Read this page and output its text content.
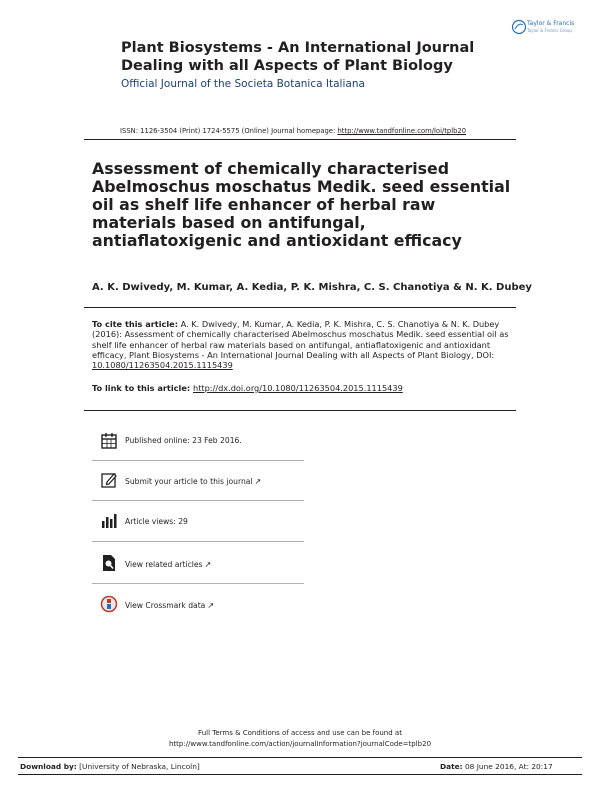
Taylor & Francis
Taylor & Francis Group
Plant Biosystems - An International Journal Dealing with all Aspects of Plant Biology
Official Journal of the Societa Botanica Italiana
ISSN: 1126-3504 (Print) 1724-5575 (Online) Journal homepage: http://www.tandfonline.com/loi/tplb20
Assessment of chemically characterised Abelmoschus moschatus Medik. seed essential oil as shelf life enhancer of herbal raw materials based on antifungal, antiaflatoxigenic and antioxidant efficacy
A. K. Dwivedy, M. Kumar, A. Kedia, P. K. Mishra, C. S. Chanotiya & N. K. Dubey
To cite this article: A. K. Dwivedy, M. Kumar, A. Kedia, P. K. Mishra, C. S. Chanotiya & N. K. Dubey (2016): Assessment of chemically characterised Abelmoschus moschatus Medik. seed essential oil as shelf life enhancer of herbal raw materials based on antifungal, antiaflatoxigenic and antioxidant efficacy, Plant Biosystems - An International Journal Dealing with all Aspects of Plant Biology, DOI: 10.1080/11263504.2015.1115439
To link to this article: http://dx.doi.org/10.1080/11263504.2015.1115439
Published online: 23 Feb 2016.
Submit your article to this journal ↗
Article views: 29
View related articles ↗
View Crossmark data ↗
Full Terms & Conditions of access and use can be found at
http://www.tandfonline.com/action/journalInformation?journalCode=tplb20
Download by: [University of Nebraska, Lincoln]	Date: 08 June 2016, At: 20:17
